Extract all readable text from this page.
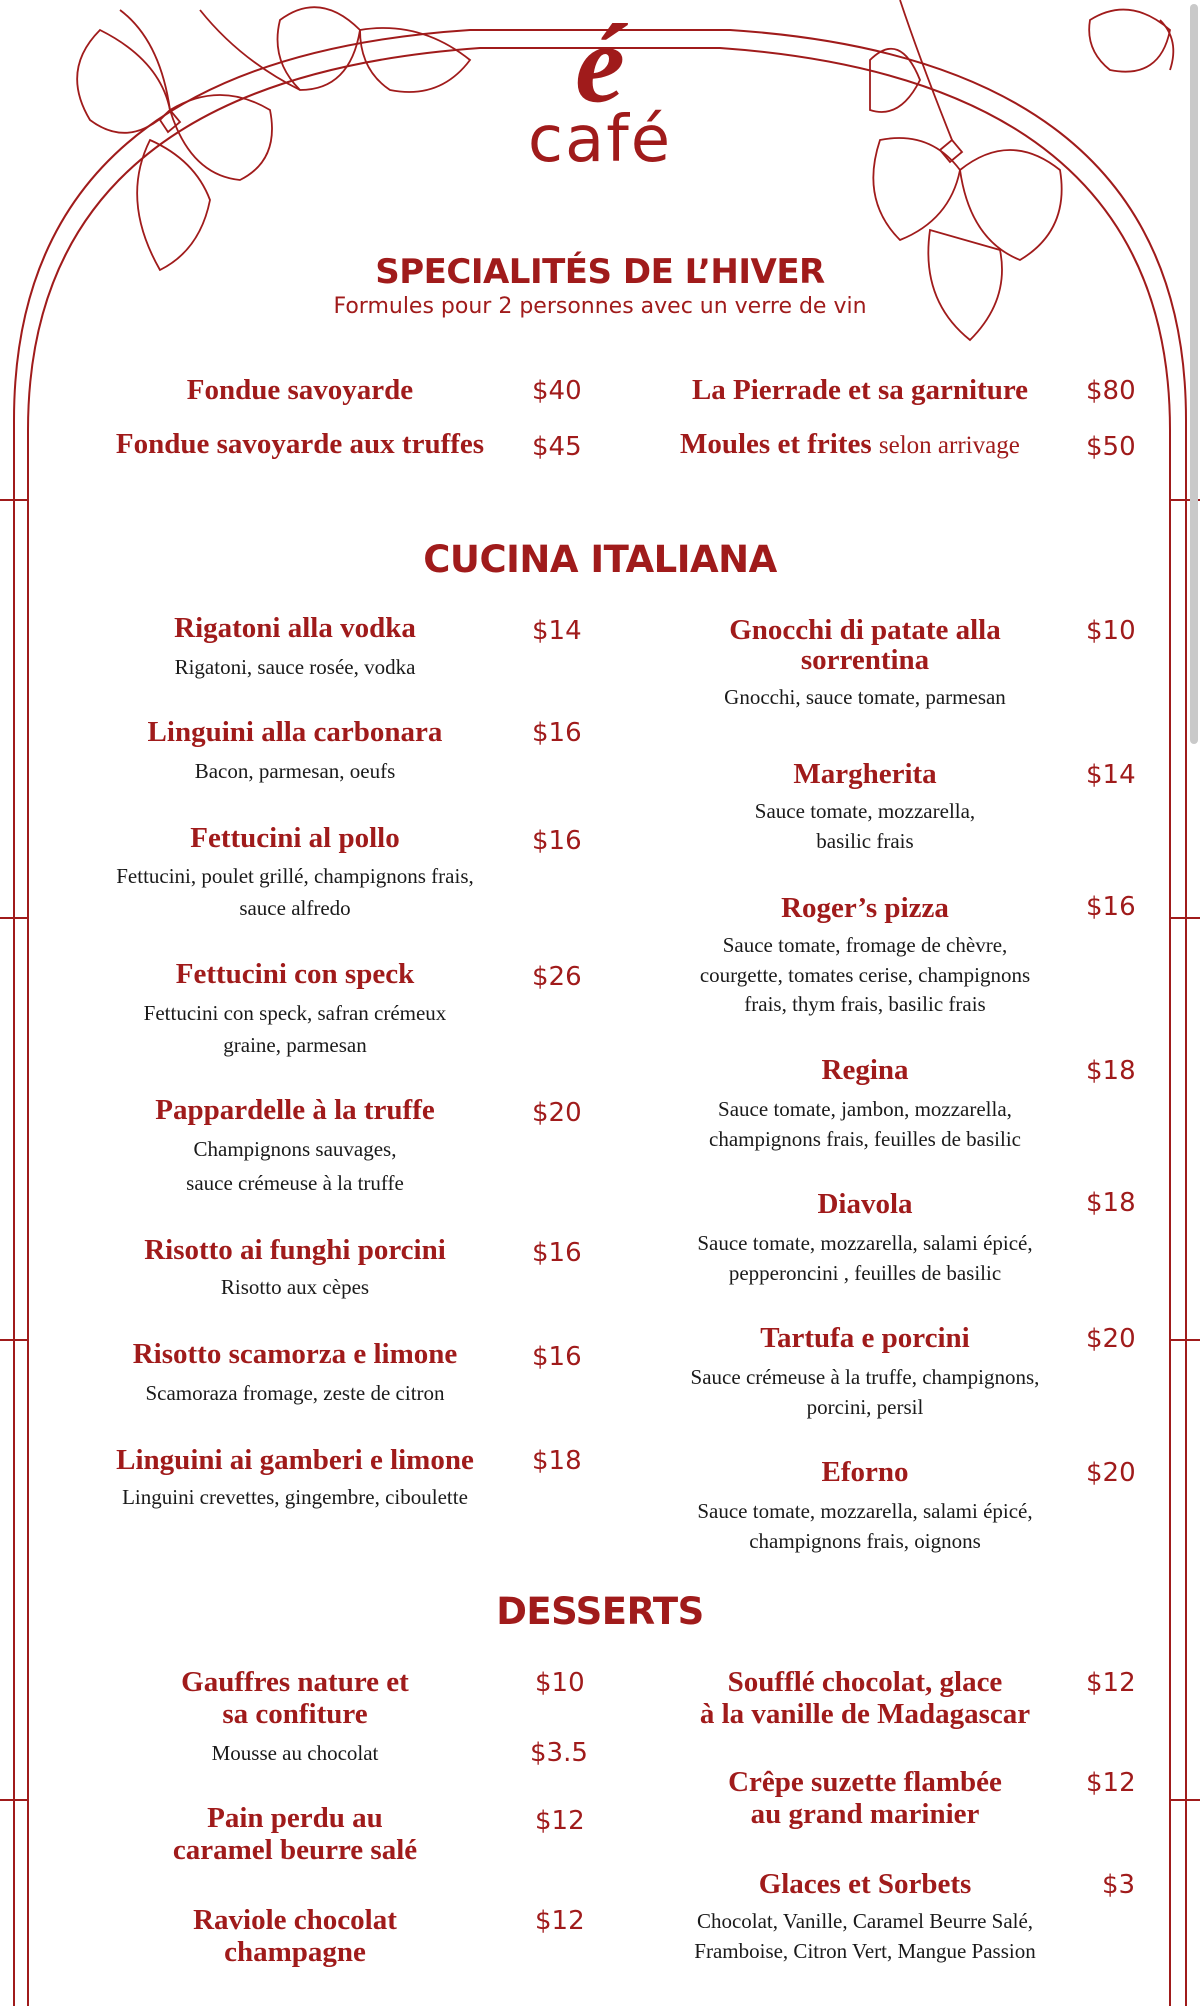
é
café
SPECIALITÉS DE L’HIVER
Formules pour 2 personnes avec un verre de vin
Fondue savoyarde	$40
Fondue savoyarde aux truffes	$45
La Pierrade et sa garniture	$80
Moules et frites selon arrivage	$50
CUCINA ITALIANA
Rigatoni alla vodka	$14
Rigatoni, sauce rosée, vodka
Linguini alla carbonara	$16
Bacon, parmesan, oeufs
Fettucini al pollo	$16
Fettucini, poulet grillé, champignons frais,
sauce alfredo
Fettucini con speck	$26
Fettucini con speck, safran crémeux
graine, parmesan
Pappardelle à la truffe	$20
Champignons sauvages,
sauce crémeuse à la truffe
Risotto ai funghi porcini	$16
Risotto aux cèpes
Risotto scamorza e limone	$16
Scamoraza fromage, zeste de citron
Linguini ai gamberi e limone	$18
Linguini crevettes, gingembre, ciboulette
Gnocchi di patate alla
sorrentina
$10
Gnocchi, sauce tomate, parmesan
Margherita	$14
Sauce tomate, mozzarella,
basilic frais
Roger’s pizza	$16
Sauce tomate, fromage de chèvre,
courgette, tomates cerise, champignons
frais, thym frais, basilic frais
Regina	$18
Sauce tomate, jambon, mozzarella,
champignons frais, feuilles de basilic
Diavola	$18
Sauce tomate, mozzarella, salami épicé,
pepperoncini , feuilles de basilic
Tartufa e porcini	$20
Sauce crémeuse à la truffe, champignons,
porcini, persil
Eforno	$20
Sauce tomate, mozzarella, salami épicé,
champignons frais, oignons
DESSERTS
Gauffres nature et
sa confiture
$10
Mousse au chocolat	$3.5
Pain perdu au
caramel beurre salé
$12
Raviole chocolat
champagne
$12
Soufflé chocolat, glace
à la vanille de Madagascar
$12
Crêpe suzette flambée
au grand marinier
$12
Glaces et Sorbets	$3
Chocolat, Vanille, Caramel Beurre Salé,
Framboise, Citron Vert, Mangue Passion
